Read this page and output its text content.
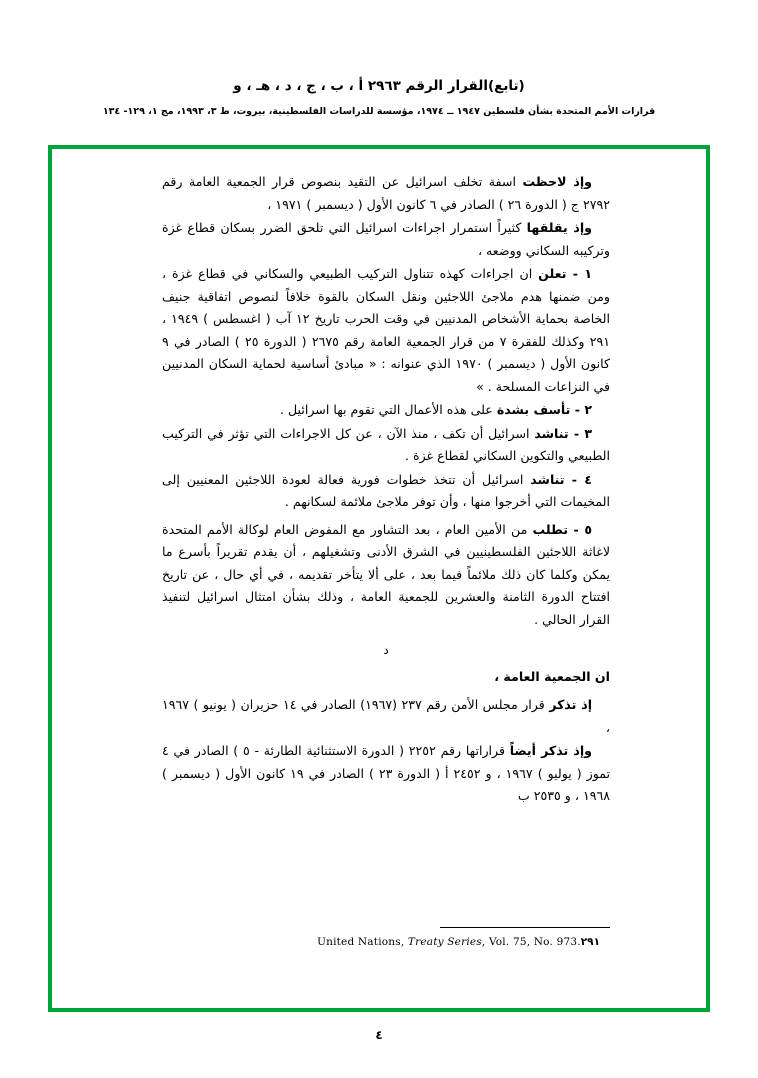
(تابع)القرار الرقم ٢٩٦٣ أ ، ب ، ج ، د ، هـ ، و
قرارات الأمم المتحدة بشأن فلسطين ١٩٤٧ ــ ١٩٧٤، مؤسسة للدراسات الفلسطينية، بيروت، ط ٣، ١٩٩٣، مج ١، ١٢٩- ١٣٤

وإذ لاحظت اسفة تخلف اسرائيل عن التقيد بنصوص قرار الجمعية العامة رقم ٢٧٩٢ ج ( الدورة ٢٦ ) الصادر في ٦ كانون الأول ( ديسمبر ) ١٩٧١ ،

وإذ يقلقها كثيراً استمرار اجراءات اسرائيل التي تلحق الضرر بسكان قطاع غزة وتركيبه السكاني ووضعه ،

١ - تعلن ان اجراءات كهذه تتناول التركيب الطبيعي والسكاني في قطاع غزة ، ومن ضمنها هدم ملاجئ اللاجئين ونقل السكان بالقوة خلافاً لنصوص اتفاقية جنيف الخاصة بحماية الأشخاص المدنيين في وقت الحرب تاريخ ١٢ آب ( اغسطس ) ١٩٤٩ ، ٢٩١ وكذلك للفقرة ٧ من قرار الجمعية العامة رقم ٢٦٧٥ ( الدورة ٢٥ ) الصادر في ٩ كانون الأول ( ديسمبر ) ١٩٧٠ الذي عنوانه : « مبادئ أساسية لحماية السكان المدنيين في النزاعات المسلحة . »

٢ - تأسف بشدة على هذه الأعمال التي تقوم بها اسرائيل .

٣ - تناشد اسرائيل أن تكف ، منذ الآن ، عن كل الاجراءات التي تؤثر في التركيب الطبيعي والتكوين السكاني لقطاع غزة .

٤ - تناشد اسرائيل أن تتخذ خطوات فورية فعالة لعودة اللاجئين المعنيين إلى المخيمات التي أخرجوا منها ، وأن توفر ملاجئ ملائمة لسكانهم .

٥ - تطلب من الأمين العام ، بعد التشاور مع المفوض العام لوكالة الأمم المتحدة لاغاثة اللاجئين الفلسطينيين في الشرق الأدنى وتشغيلهم ، أن يقدم تقريراً بأسرع ما يمكن وكلما كان ذلك ملائماً فيما بعد ، على ألا يتأخر تقديمه ، في أي حال ، عن تاريخ افتتاح الدورة الثامنة والعشرين للجمعية العامة ، وذلك بشأن امتثال اسرائيل لتنفيذ القرار الحالي .

د
ان الجمعية العامة ،

إذ تذكر قرار مجلس الأمن رقم ٢٣٧ (١٩٦٧) الصادر في ١٤ حزيران ( يونيو ) ١٩٦٧ ،

وإذ تذكر أيضاً قراراتها رقم ٢٢٥٢ ( الدورة الاستثنائية الطارئة - ٥ ) الصادر في ٤ تموز ( يوليو ) ١٩٦٧ ، و ٢٤٥٢ أ ( الدورة ٢٣ ) الصادر في ١٩ كانون الأول ( ديسمبر ) ١٩٦٨ ، و ٢٥٣٥ ب

United Nations, Treaty Series, Vol. 75, No. 973.٢٩١
٤
